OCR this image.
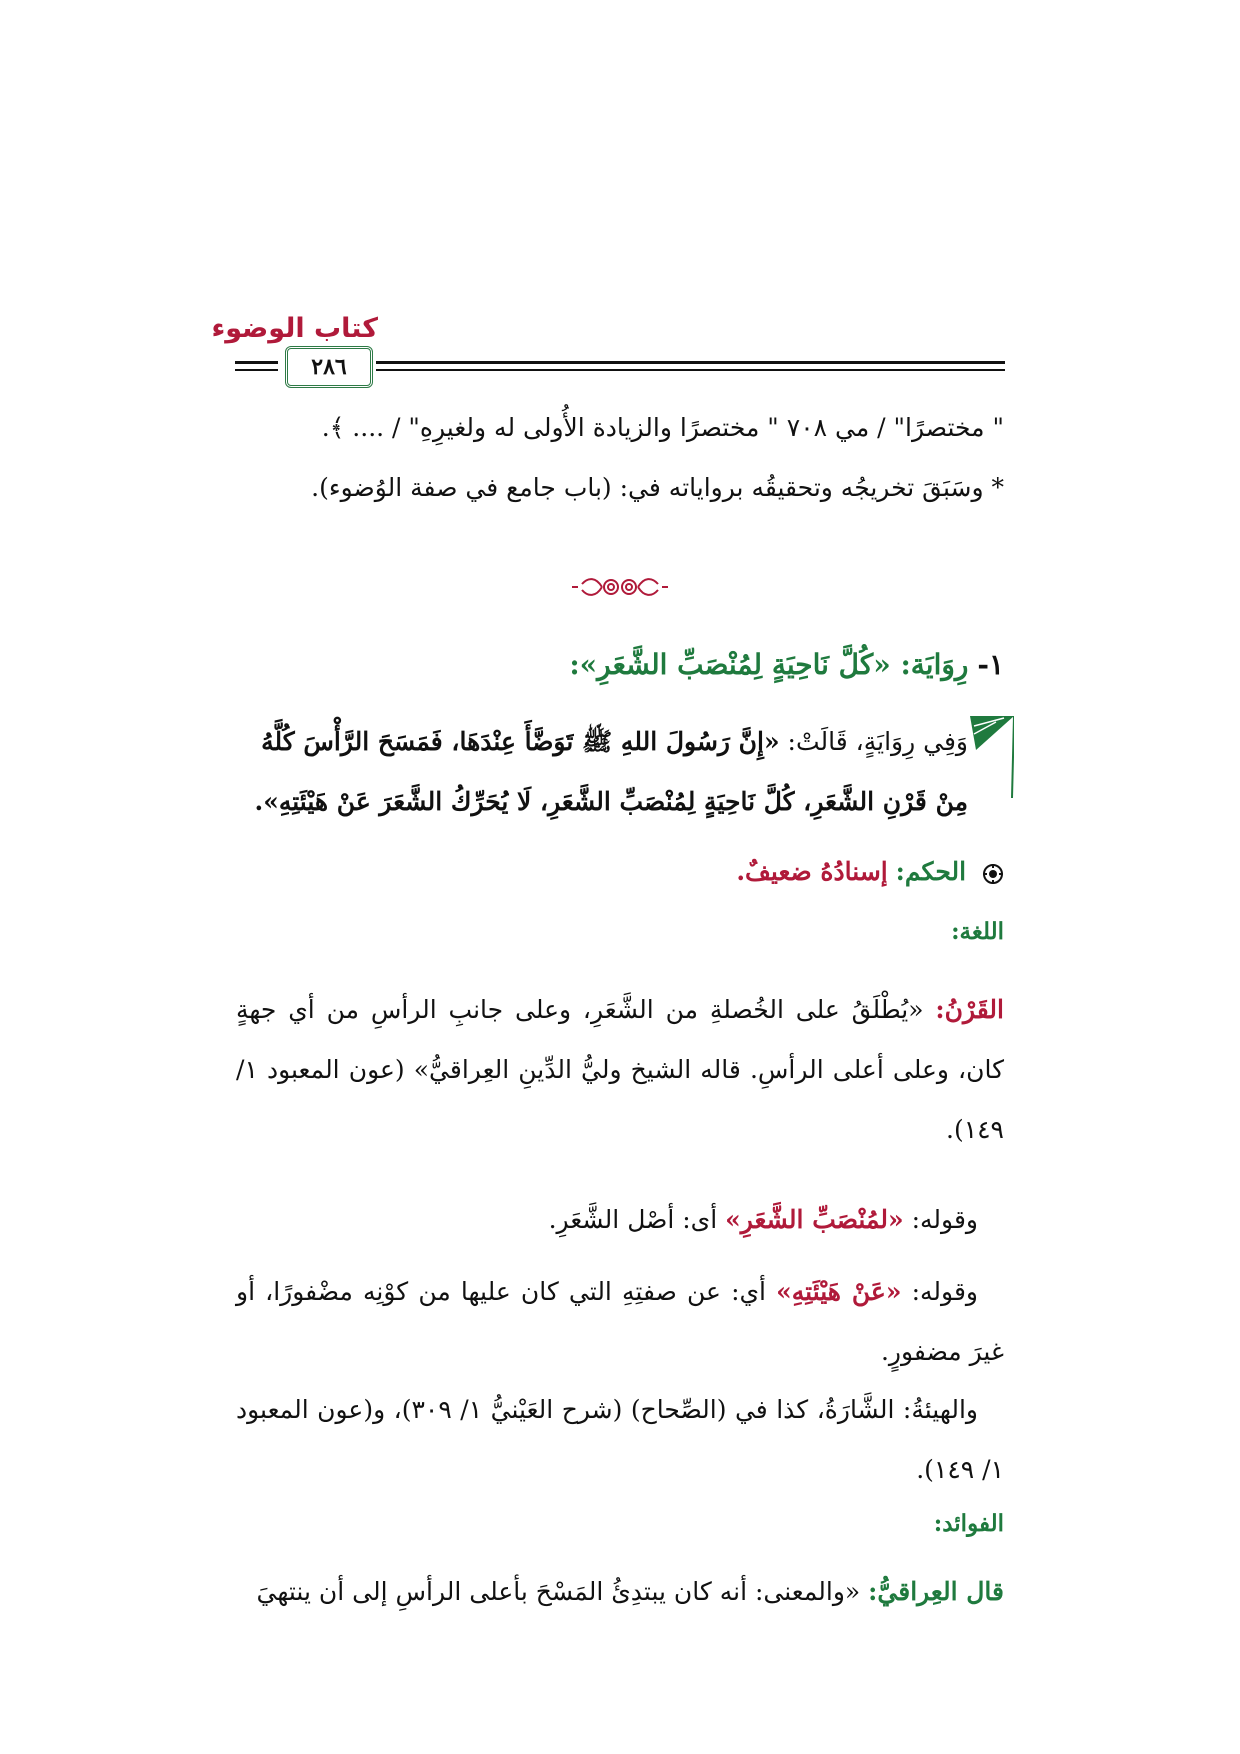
كتاب الوضوء
٢٨٦
" مختصرًا" / مي ٧٠٨ " مختصرًا والزيادة الأُولى له ولغيرِهِ" / .... ﴾.
* وسَبَقَ تخريجُه وتحقيقُه برواياته في: (باب جامع في صفة الوُضوء).
١- رِوَايَة: «كُلَّ نَاحِيَةٍ لِمُنْصَبِّ الشَّعَرِ»:
وَفِي رِوَايَةٍ، قَالَتْ: «إِنَّ رَسُولَ اللهِ ﷺ تَوَضَّأَ عِنْدَهَا، فَمَسَحَ الرَّأْسَ كُلَّهُ
مِنْ قَرْنِ الشَّعَرِ، كُلَّ نَاحِيَةٍ لِمُنْصَبِّ الشَّعَرِ، لَا يُحَرِّكُ الشَّعَرَ عَنْ هَيْئَتِهِ».
الحكم: إسنادُهُ ضعيفٌ.
اللغة:
القَرْنُ: «يُطْلَقُ على الخُصلةِ من الشَّعَرِ، وعلى جانبِ الرأسِ من أي جهةٍ كان، وعلى أعلى الرأسِ. قاله الشيخ وليُّ الدِّينِ العِراقيُّ» (عون المعبود ١/ ١٤٩).
وقوله: «لمُنْصَبِّ الشَّعَرِ» أى: أصْل الشَّعَرِ.
وقوله: «عَنْ هَيْئَتِهِ» أي: عن صفتِهِ التي كان عليها من كوْنِه مضْفورًا، أو غيرَ مضفورٍ.
والهيئةُ: الشَّارَةُ، كذا في (الصِّحاح) (شرح العَيْنيُّ ١/ ٣٠٩)، و(عون المعبود ١/ ١٤٩).
الفوائد:
قال العِراقيُّ: «والمعنى: أنه كان يبتدِئُ المَسْحَ بأعلى الرأسِ إلى أن ينتهيَ
